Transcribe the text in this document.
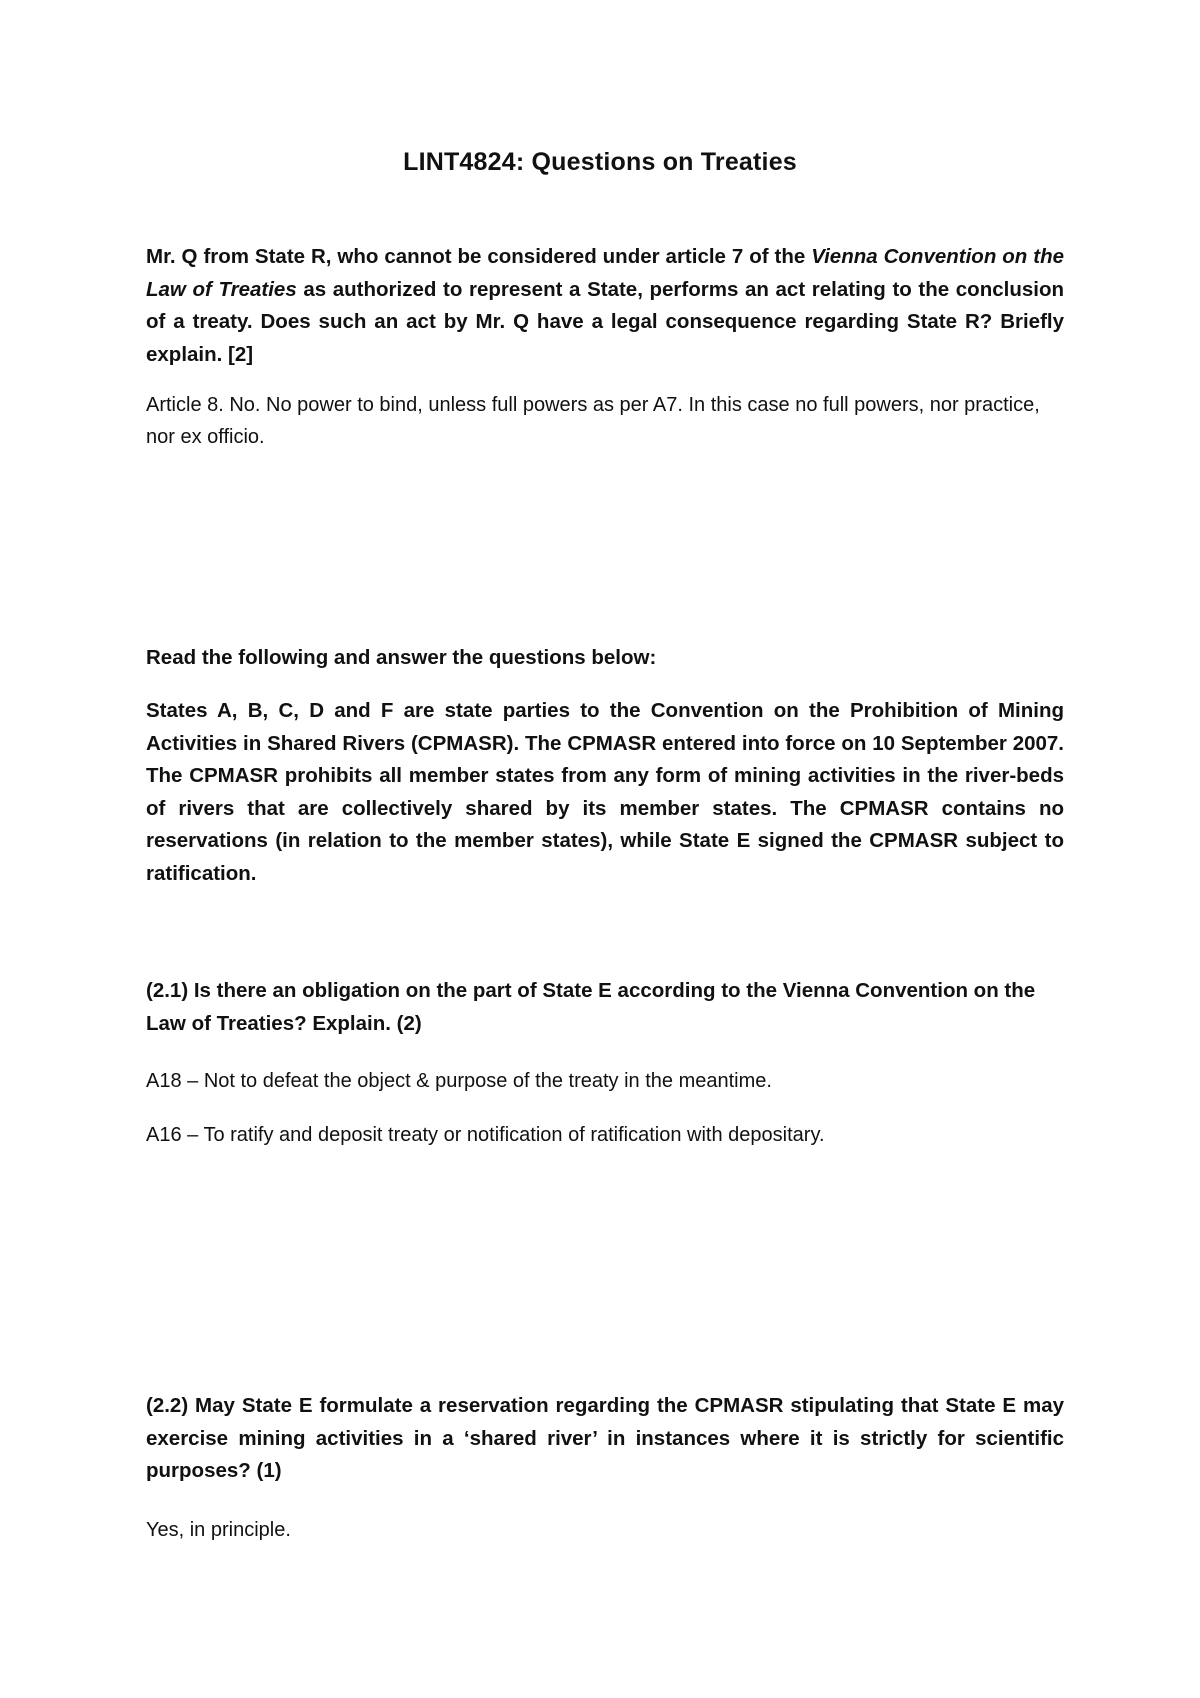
LINT4824: Questions on Treaties

Mr. Q from State R, who cannot be considered under article 7 of the Vienna Convention on the Law of Treaties as authorized to represent a State, performs an act relating to the conclusion of a treaty. Does such an act by Mr. Q have a legal consequence regarding State R? Briefly explain. [2]

Article 8. No. No power to bind, unless full powers as per A7. In this case no full powers, nor practice, nor ex officio.

Read the following and answer the questions below:

States A, B, C, D and F are state parties to the Convention on the Prohibition of Mining Activities in Shared Rivers (CPMASR). The CPMASR entered into force on 10 September 2007. The CPMASR prohibits all member states from any form of mining activities in the river-beds of rivers that are collectively shared by its member states. The CPMASR contains no reservations (in relation to the member states), while State E signed the CPMASR subject to ratification.

(2.1) Is there an obligation on the part of State E according to the Vienna Convention on the Law of Treaties? Explain. (2)

A18 – Not to defeat the object & purpose of the treaty in the meantime.

A16 – To ratify and deposit treaty or notification of ratification with depositary.

(2.2) May State E formulate a reservation regarding the CPMASR stipulating that State E may exercise mining activities in a ‘shared river’ in instances where it is strictly for scientific purposes? (1)

Yes, in principle.
